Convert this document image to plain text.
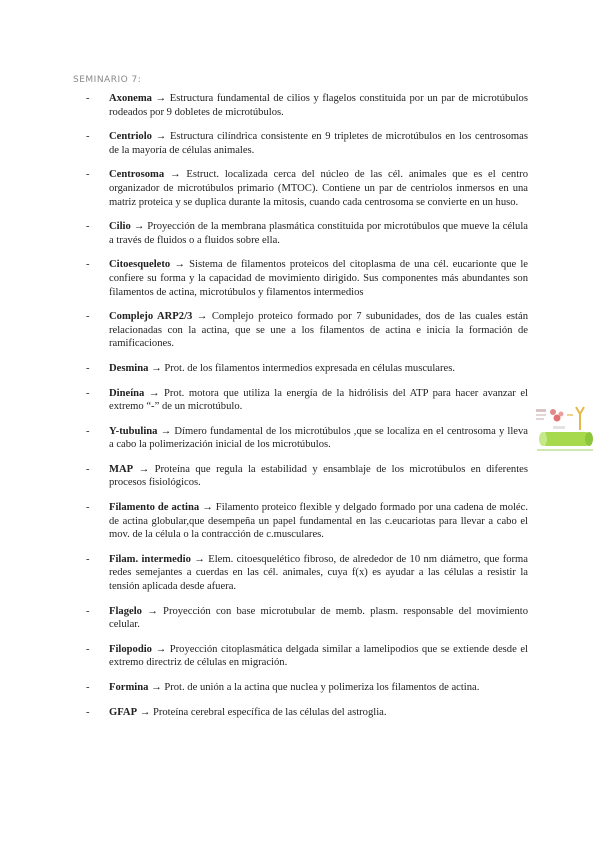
SEMINARIO 7:
- Axonema → Estructura fundamental de cilios y flagelos constituida por un par de microtúbulos rodeados por 9 dobletes de microtúbulos.
- Centriolo → Estructura cilíndrica consistente en 9 tripletes de microtúbulos en los centrosomas de la mayoría de células animales.
- Centrosoma → Estruct. localizada cerca del núcleo de las cél. animales que es el centro organizador de microtúbulos primario (MTOC). Contiene un par de centriolos inmersos en una matriz proteica y se duplica durante la mitosis, cuando cada centrosoma se convierte en un huso.
- Cilio → Proyección de la membrana plasmática constituida por microtúbulos que mueve la célula a través de fluidos o a fluidos sobre ella.
- Citoesqueleto → Sistema de filamentos proteicos del citoplasma de una cél. eucarionte que le confiere su forma y la capacidad de movimiento dirigido. Sus componentes más abundantes son filamentos de actina, microtúbulos y filamentos intermedios
- Complejo ARP2/3 → Complejo proteico formado por 7 subunidades, dos de las cuales están relacionadas con la actina, que se une a los filamentos de actina e inicia la formación de ramificaciones.
- Desmina → Prot. de los filamentos intermedios expresada en células musculares.
- Dineína → Prot. motora que utiliza la energía de la hidrólisis del ATP para hacer avanzar el extremo “-” de un microtúbulo.
- Y-tubulina → Dímero fundamental de los microtúbulos ,que se localiza en el centrosoma y lleva a cabo la polimerización inicial de los microtúbulos.
- MAP → Proteína que regula la estabilidad y ensamblaje de los microtúbulos en diferentes procesos fisiológicos.
- Filamento de actina → Filamento proteico flexible y delgado formado por una cadena de moléc. de actina globular,que desempeña un papel fundamental en las c.eucariotas para llevar a cabo el mov. de la célula o la contracción de c.musculares.
- Filam. intermedio → Elem. citoesquelético fibroso, de alrededor de 10 nm diámetro, que forma redes semejantes a cuerdas en las cél. animales, cuya f(x) es ayudar a las células a resistir la tensión aplicada desde afuera.
- Flagelo → Proyección con base microtubular de memb. plasm. responsable del movimiento celular.
- Filopodio → Proyección citoplasmática delgada similar a lamelipodios que se extiende desde el extremo directriz de células en migración.
- Formina → Prot. de unión a la actina que nuclea y polimeriza los filamentos de actina.
- GFAP → Proteína cerebral específica de las células del astroglia.
